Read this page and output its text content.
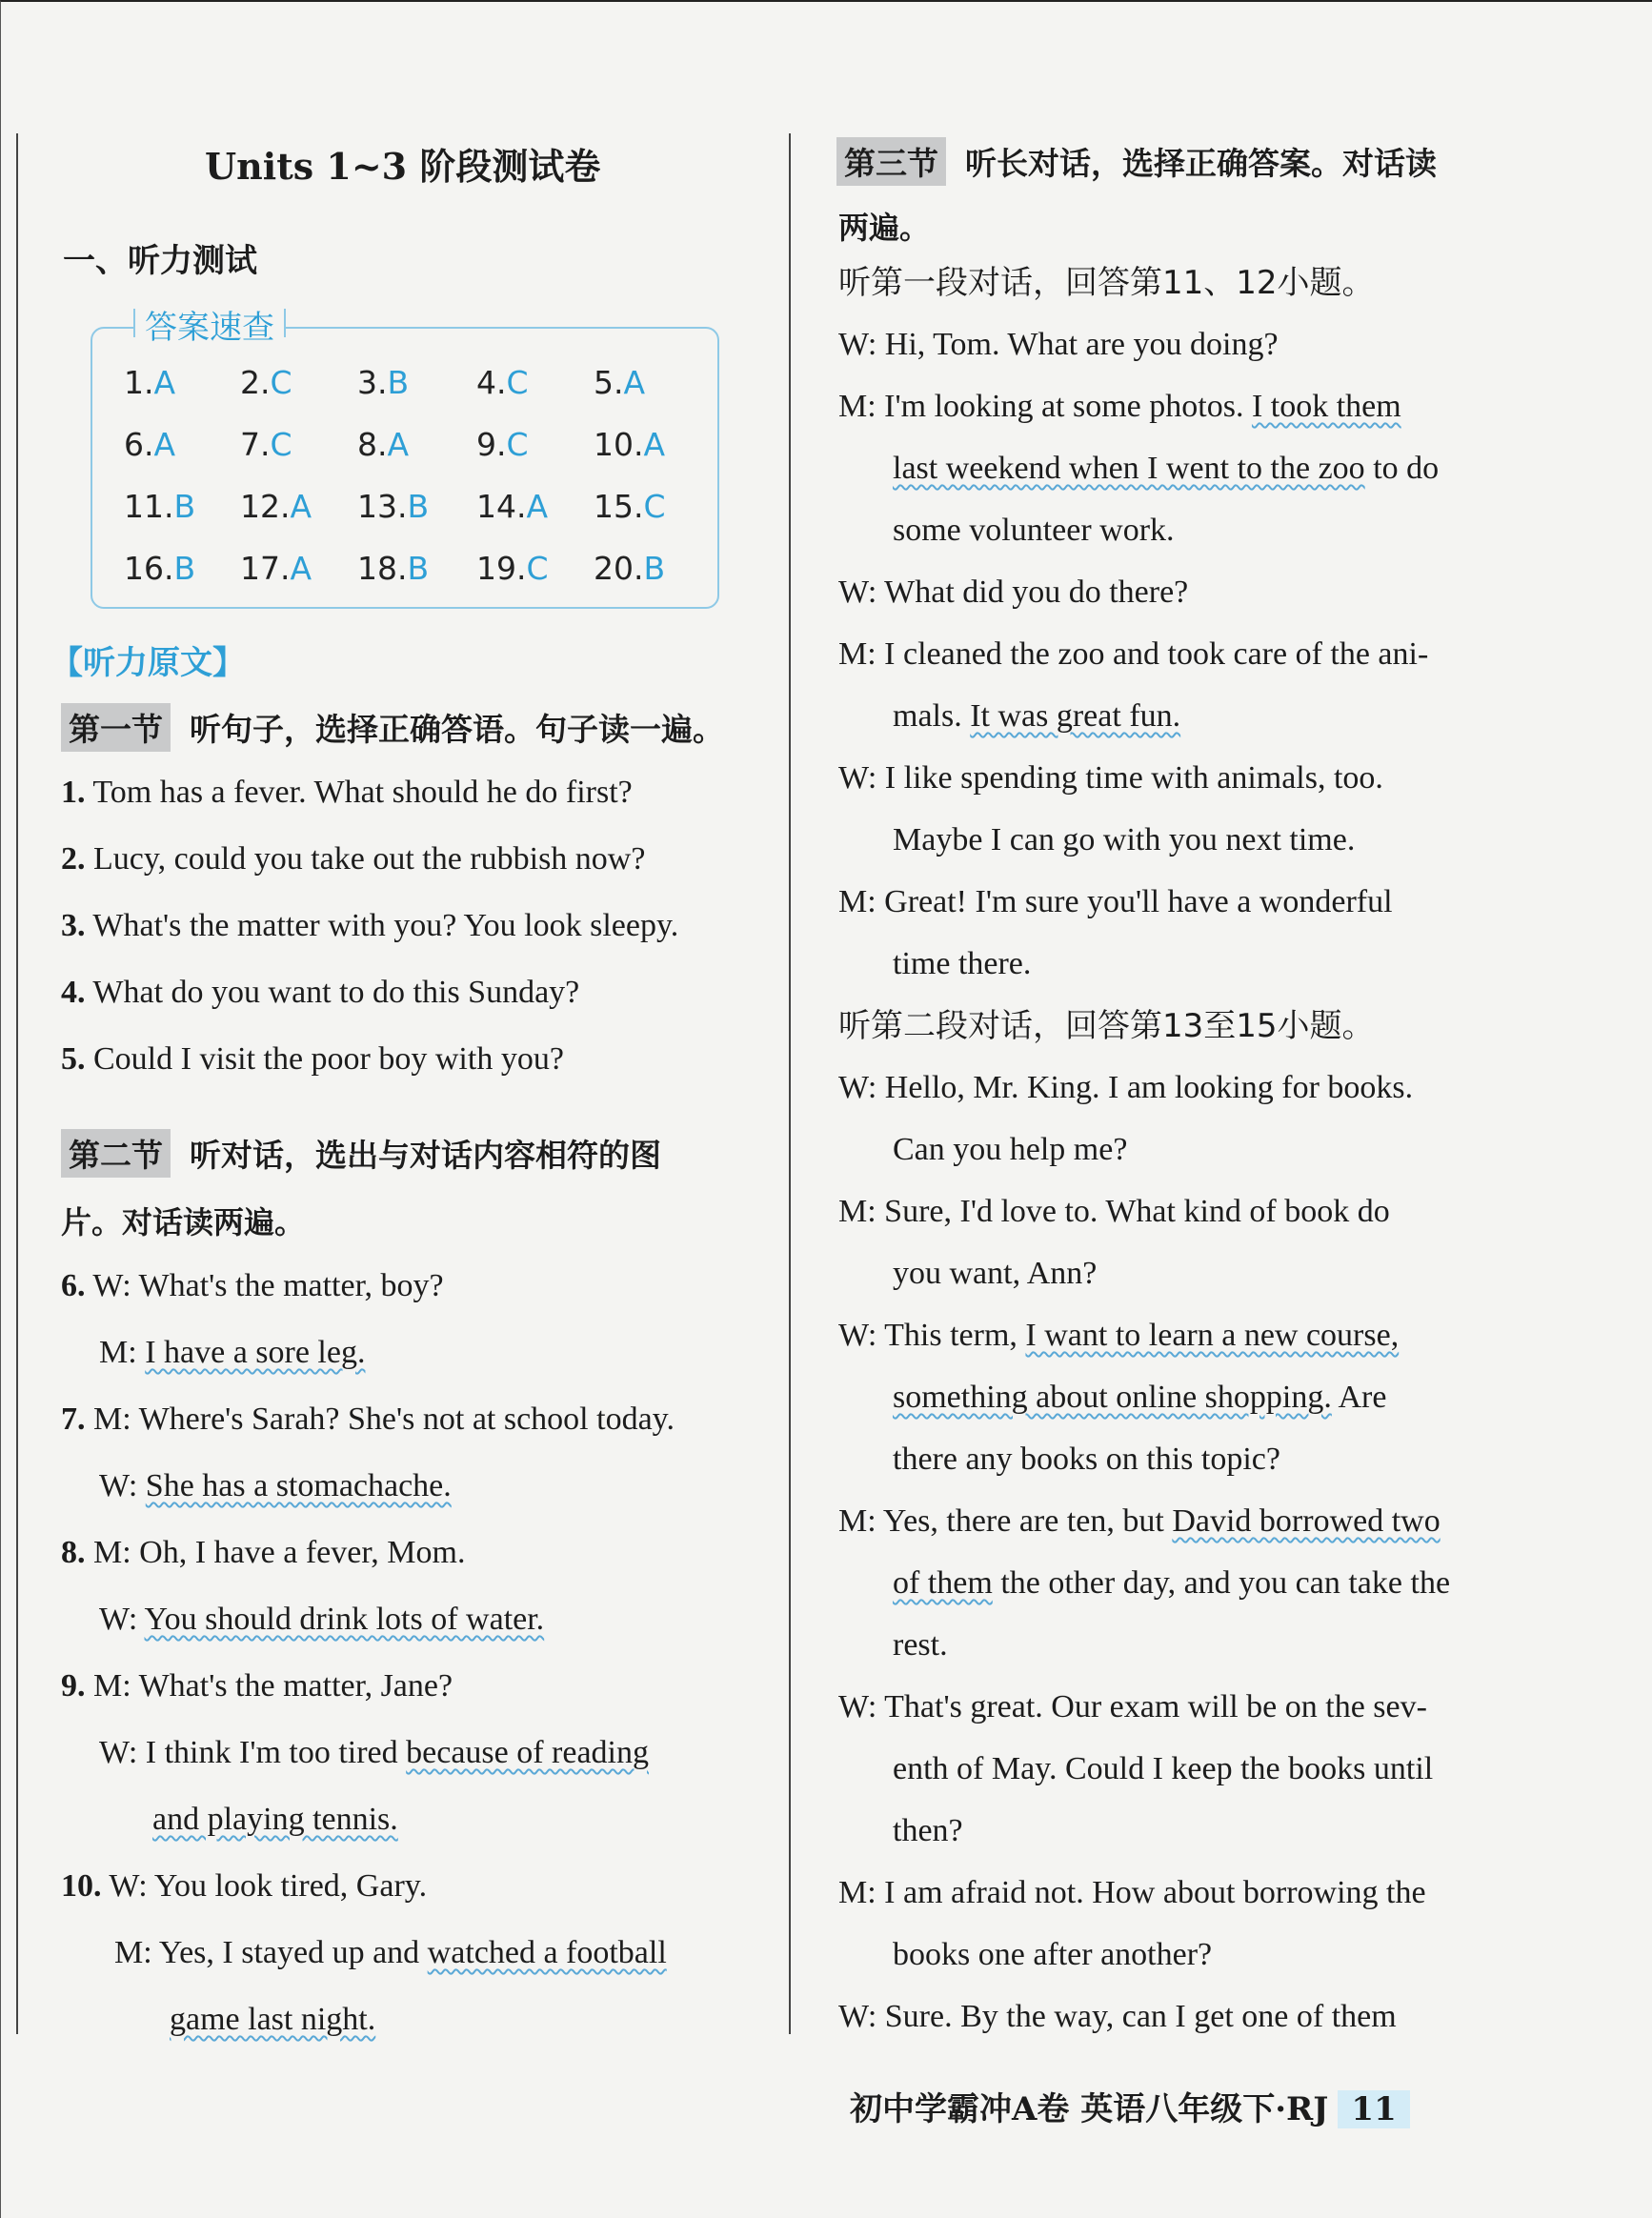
Units 1~3 阶段测试卷
一、听力测试
答案速查
1.A 2.C 3.B 4.C 5.A
6.A 7.C 8.A 9.C 10.A
11.B 12.A 13.B 14.A 15.C
16.B 17.A 18.B 19.C 20.B
【听力原文】
第一节 听句子，选择正确答语。句子读一遍。
1. Tom has a fever. What should he do first?
2. Lucy, could you take out the rubbish now?
3. What's the matter with you? You look sleepy.
4. What do you want to do this Sunday?
5. Could I visit the poor boy with you?
第二节 听对话，选出与对话内容相符的图
片。对话读两遍。
6. W: What's the matter, boy?
M: I have a sore leg.
7. M: Where's Sarah? She's not at school today.
W: She has a stomachache.
8. M: Oh, I have a fever, Mom.
W: You should drink lots of water.
9. M: What's the matter, Jane?
W: I think I'm too tired because of reading
and playing tennis.
10. W: You look tired, Gary.
M: Yes, I stayed up and watched a football
game last night.
第三节 听长对话，选择正确答案。对话读
两遍。
听第一段对话，回答第11、12小题。
W: Hi, Tom. What are you doing?
M: I'm looking at some photos. I took them
last weekend when I went to the zoo to do
some volunteer work.
W: What did you do there?
M: I cleaned the zoo and took care of the ani-
mals. It was great fun.
W: I like spending time with animals, too.
Maybe I can go with you next time.
M: Great! I'm sure you'll have a wonderful
time there.
听第二段对话，回答第13至15小题。
W: Hello, Mr. King. I am looking for books.
Can you help me?
M: Sure, I'd love to. What kind of book do
you want, Ann?
W: This term, I want to learn a new course,
something about online shopping. Are
there any books on this topic?
M: Yes, there are ten, but David borrowed two
of them the other day, and you can take the
rest.
W: That's great. Our exam will be on the sev-
enth of May. Could I keep the books until
then?
M: I am afraid not. How about borrowing the
books one after another?
W: Sure. By the way, can I get one of them
初中学霸冲A卷 英语八年级下·RJ 11
